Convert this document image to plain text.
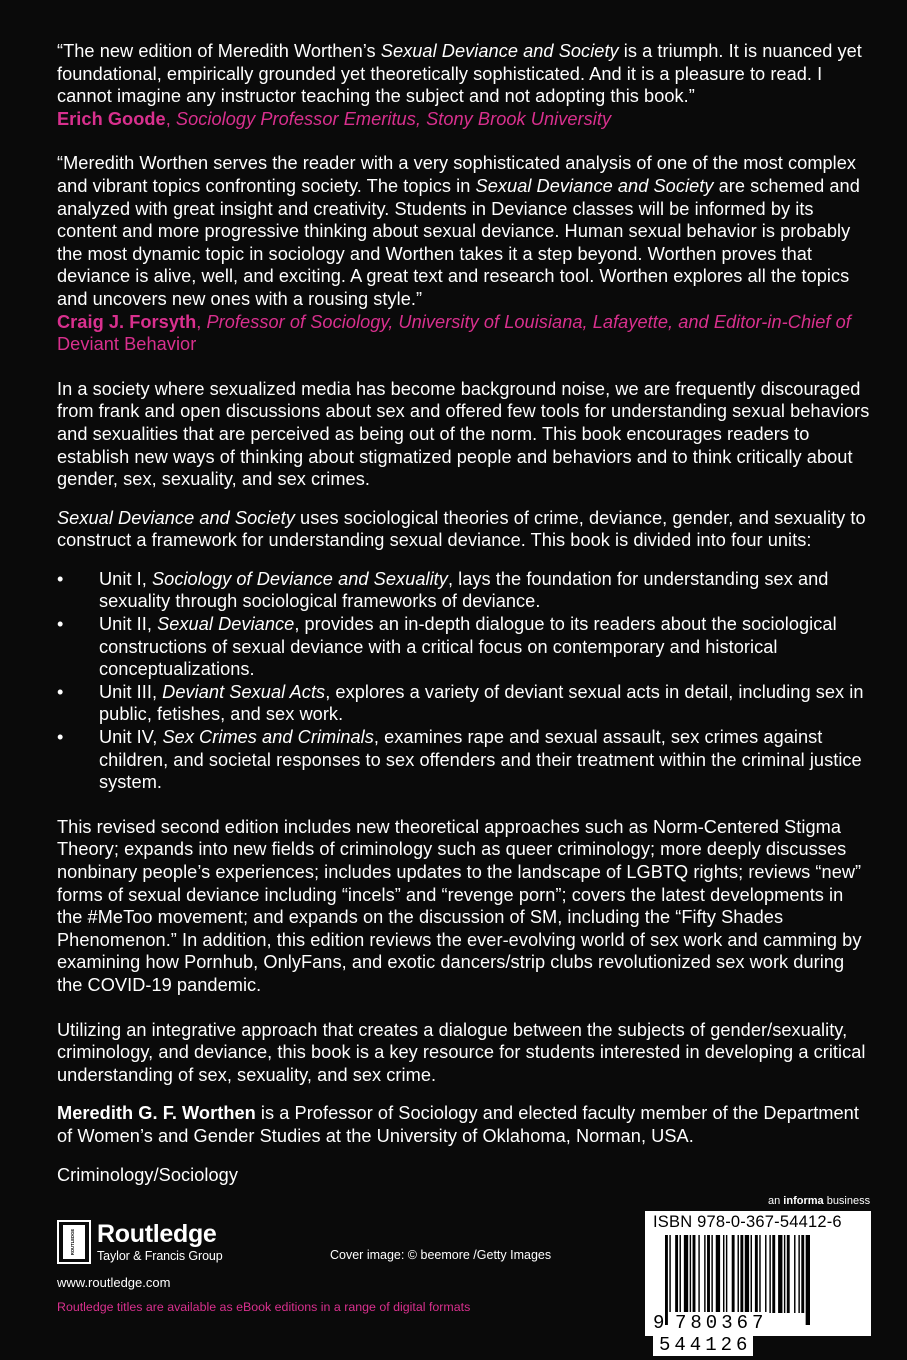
“The new edition of Meredith Worthen’s Sexual Deviance and Society is a triumph. It is nuanced yet foundational, empirically grounded yet theoretically sophisticated. And it is a pleasure to read. I cannot imagine any instructor teaching the subject and not adopting this book.”

Erich Goode, Sociology Professor Emeritus, Stony Brook University

“Meredith Worthen serves the reader with a very sophisticated analysis of one of the most complex and vibrant topics confronting society. The topics in Sexual Deviance and Society are schemed and analyzed with great insight and creativity. Students in Deviance classes will be informed by its content and more progressive thinking about sexual deviance. Human sexual behavior is probably the most dynamic topic in sociology and Worthen takes it a step beyond. Worthen proves that deviance is alive, well, and exciting. A great text and research tool. Worthen explores all the topics and uncovers new ones with a rousing style.”

Craig J. Forsyth, Professor of Sociology, University of Louisiana, Lafayette, and Editor-in-Chief of Deviant Behavior

In a society where sexualized media has become background noise, we are frequently discouraged from frank and open discussions about sex and offered few tools for understanding sexual behaviors and sexualities that are perceived as being out of the norm. This book encourages readers to establish new ways of thinking about stigmatized people and behaviors and to think critically about gender, sex, sexuality, and sex crimes.

Sexual Deviance and Society uses sociological theories of crime, deviance, gender, and sexuality to construct a framework for understanding sexual deviance. This book is divided into four units:

• Unit I, Sociology of Deviance and Sexuality, lays the foundation for understanding sex and sexuality through sociological frameworks of deviance.
• Unit II, Sexual Deviance, provides an in-depth dialogue to its readers about the sociological constructions of sexual deviance with a critical focus on contemporary and historical conceptualizations.
• Unit III, Deviant Sexual Acts, explores a variety of deviant sexual acts in detail, including sex in public, fetishes, and sex work.
• Unit IV, Sex Crimes and Criminals, examines rape and sexual assault, sex crimes against children, and societal responses to sex offenders and their treatment within the criminal justice system.

This revised second edition includes new theoretical approaches such as Norm-Centered Stigma Theory; expands into new fields of criminology such as queer criminology; more deeply discusses nonbinary people’s experiences; includes updates to the landscape of LGBTQ rights; reviews “new” forms of sexual deviance including “incels” and “revenge porn”; covers the latest developments in the #MeToo movement; and expands on the discussion of SM, including the “Fifty Shades Phenomenon.” In addition, this edition reviews the ever-evolving world of sex work and camming by examining how Pornhub, OnlyFans, and exotic dancers/strip clubs revolutionized sex work during the COVID-19 pandemic.

Utilizing an integrative approach that creates a dialogue between the subjects of gender/sexuality, criminology, and deviance, this book is a key resource for students interested in developing a critical understanding of sex, sexuality, and sex crime.

Meredith G. F. Worthen is a Professor of Sociology and elected faculty member of the Department of Women’s and Gender Studies at the University of Oklahoma, Norman, USA.

Criminology/Sociology

ROUTLEDGE Routledge
Taylor & Francis Group
www.routledge.com
Routledge titles are available as eBook editions in a range of digital formats
Cover image: © beemore /Getty Images
an informa business
ISBN 978-0-367-54412-6
9 780367544126
